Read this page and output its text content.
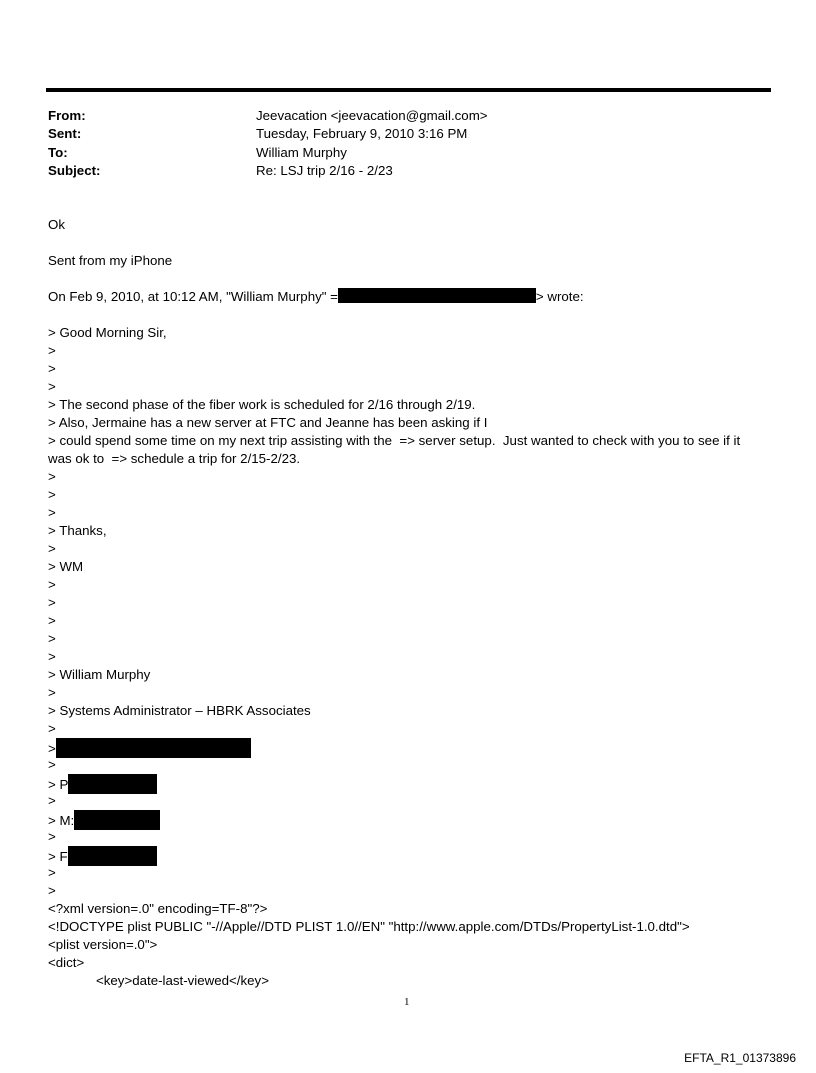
From:	Jeevacation <jeevacation@gmail.com>
Sent:	Tuesday, February 9, 2010 3:16 PM
To:	William Murphy
Subject:	Re: LSJ trip 2/16 - 2/23
Ok
Sent from my iPhone
On Feb 9, 2010, at 10:12 AM, "William Murphy" =	> wrote:
> Good Morning Sir,
>
>
>
> The second phase of the fiber work is scheduled for 2/16 through 2/19.
> Also, Jermaine has a new server at FTC and Jeanne has been asking if I
> could spend some time on my next trip assisting with the  => server setup.  Just wanted to check with you to see if it
was ok to  => schedule a trip for 2/15-2/23.
>
>
>
> Thanks,
>
> WM
>
>
>
>
>
> William Murphy
>
> Systems Administrator – HBRK Associates
>
>
>
> P
>
> M:
>
> F
>
>
<?xml version=.0" encoding=TF-8"?>
<!DOCTYPE plist PUBLIC "-//Apple//DTD PLIST 1.0//EN" "http://www.apple.com/DTDs/PropertyList-1.0.dtd">
<plist version=.0">
<dict>
<key>date-last-viewed</key>
1
EFTA_R1_01373896
